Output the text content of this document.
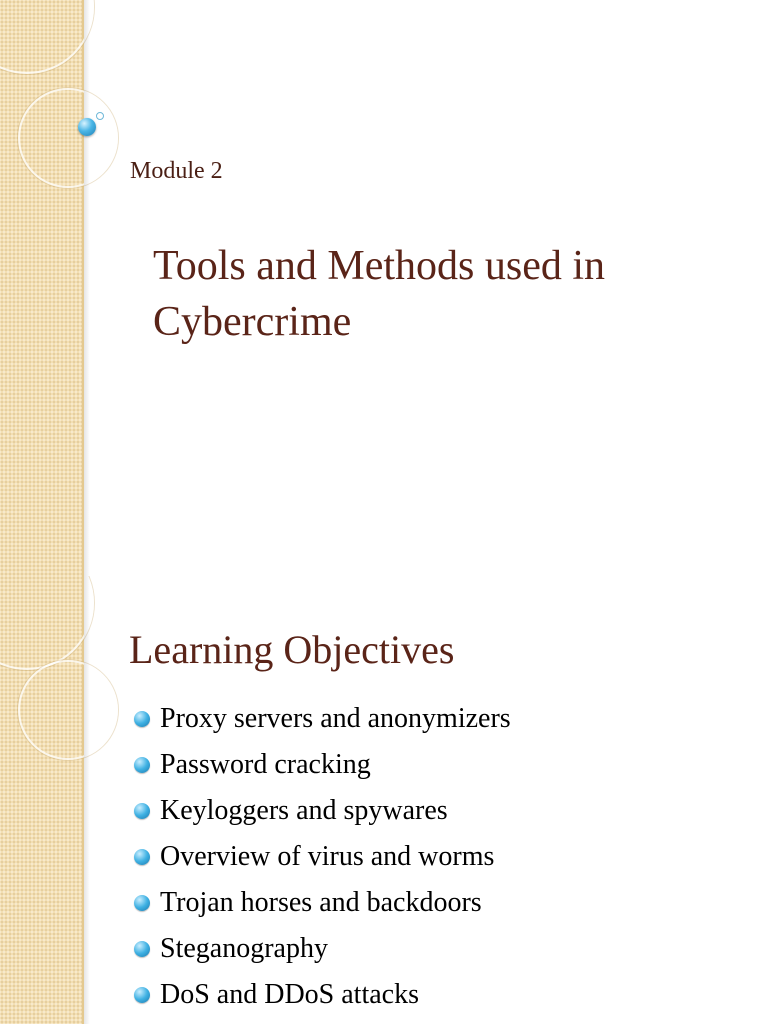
Module 2

Tools and Methods used in
Cybercrime
Learning Objectives
Proxy servers and anonymizers
Password cracking
Keyloggers and spywares
Overview of virus and worms
Trojan horses and backdoors
Steganography
DoS and DDoS attacks
